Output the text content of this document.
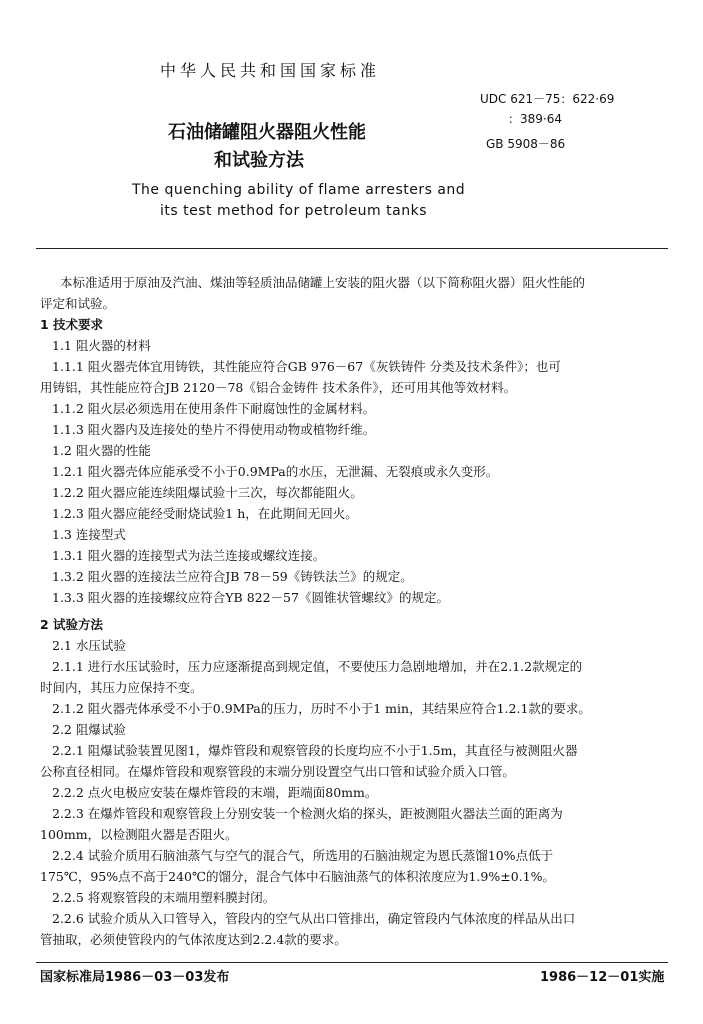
中华人民共和国国家标准
石油储罐阻火器阻火性能
和试验方法
The quenching ability of flame arresters and
its test method for petroleum tanks
UDC 621－75：622·69
：389·64
GB 5908－86

本标准适用于原油及汽油、煤油等轻质油品储罐上安装的阻火器（以下简称阻火器）阻火性能的

评定和试验。

1 技术要求

1.1 阻火器的材料

1.1.1 阻火器壳体宜用铸铁，其性能应符合GB 976－67《灰铁铸件 分类及技术条件》；也可

用铸铝，其性能应符合JB 2120－78《铝合金铸件 技术条件》，还可用其他等效材料。

1.1.2 阻火层必须选用在使用条件下耐腐蚀性的金属材料。

1.1.3 阻火器内及连接处的垫片不得使用动物或植物纤维。

1.2 阻火器的性能

1.2.1 阻火器壳体应能承受不小于0.9MPa的水压，无泄漏、无裂痕或永久变形。

1.2.2 阻火器应能连续阻爆试验十三次，每次都能阻火。

1.2.3 阻火器应能经受耐烧试验1 h，在此期间无回火。

1.3 连接型式

1.3.1 阻火器的连接型式为法兰连接或螺纹连接。

1.3.2 阻火器的连接法兰应符合JB 78－59《铸铁法兰》的规定。

1.3.3 阻火器的连接螺纹应符合YB 822－57《圆锥状管螺纹》的规定。

2 试验方法

2.1 水压试验

2.1.1 进行水压试验时，压力应逐渐提高到规定值，不要使压力急剧地增加，并在2.1.2款规定的

时间内，其压力应保持不变。

2.1.2 阻火器壳体承受不小于0.9MPa的压力，历时不小于1 min，其结果应符合1.2.1款的要求。

2.2 阻爆试验

2.2.1 阻爆试验装置见图1，爆炸管段和观察管段的长度均应不小于1.5m，其直径与被测阻火器

公称直径相同。在爆炸管段和观察管段的末端分别设置空气出口管和试验介质入口管。

2.2.2 点火电极应安装在爆炸管段的末端，距端面80mm。

2.2.3 在爆炸管段和观察管段上分别安装一个检测火焰的探头，距被测阻火器法兰面的距离为

100mm，以检测阻火器是否阻火。

2.2.4 试验介质用石脑油蒸气与空气的混合气，所选用的石脑油规定为恩氏蒸馏10%点低于

175℃，95%点不高于240℃的馏分，混合气体中石脑油蒸气的体积浓度应为1.9%±0.1%。

2.2.5 将观察管段的末端用塑料膜封闭。

2.2.6 试验介质从入口管导入，管段内的空气从出口管排出，确定管段内气体浓度的样品从出口

管抽取，必须使管段内的气体浓度达到2.2.4款的要求。

国家标准局1986－03－03发布	1986－12－01实施
